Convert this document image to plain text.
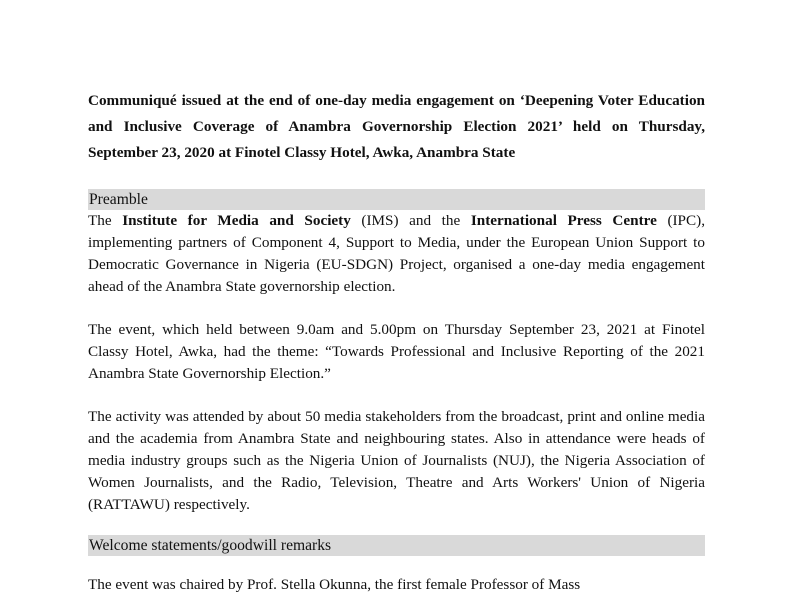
Communiqué issued at the end of one-day media engagement on ‘Deepening Voter Education and Inclusive Coverage of Anambra Governorship Election 2021’ held on Thursday, September 23, 2020 at Finotel Classy Hotel, Awka, Anambra State

Preamble

The Institute for Media and Society (IMS) and the International Press Centre (IPC), implementing partners of Component 4, Support to Media, under the European Union Support to Democratic Governance in Nigeria (EU-SDGN) Project, organised a one-day media engagement ahead of the Anambra State governorship election.

The event, which held between 9.0am and 5.00pm on Thursday September 23, 2021 at Finotel Classy Hotel, Awka, had the theme: “Towards Professional and Inclusive Reporting of the 2021 Anambra State Governorship Election.”

The activity was attended by about 50 media stakeholders from the broadcast, print and online media and the academia from Anambra State and neighbouring states. Also in attendance were heads of media industry groups such as the Nigeria Union of Journalists (NUJ), the Nigeria Association of Women Journalists, and the Radio, Television, Theatre and Arts Workers' Union of Nigeria (RATTAWU) respectively.

Welcome statements/goodwill remarks

The event was chaired by Prof. Stella Okunna, the first female Professor of Mass
